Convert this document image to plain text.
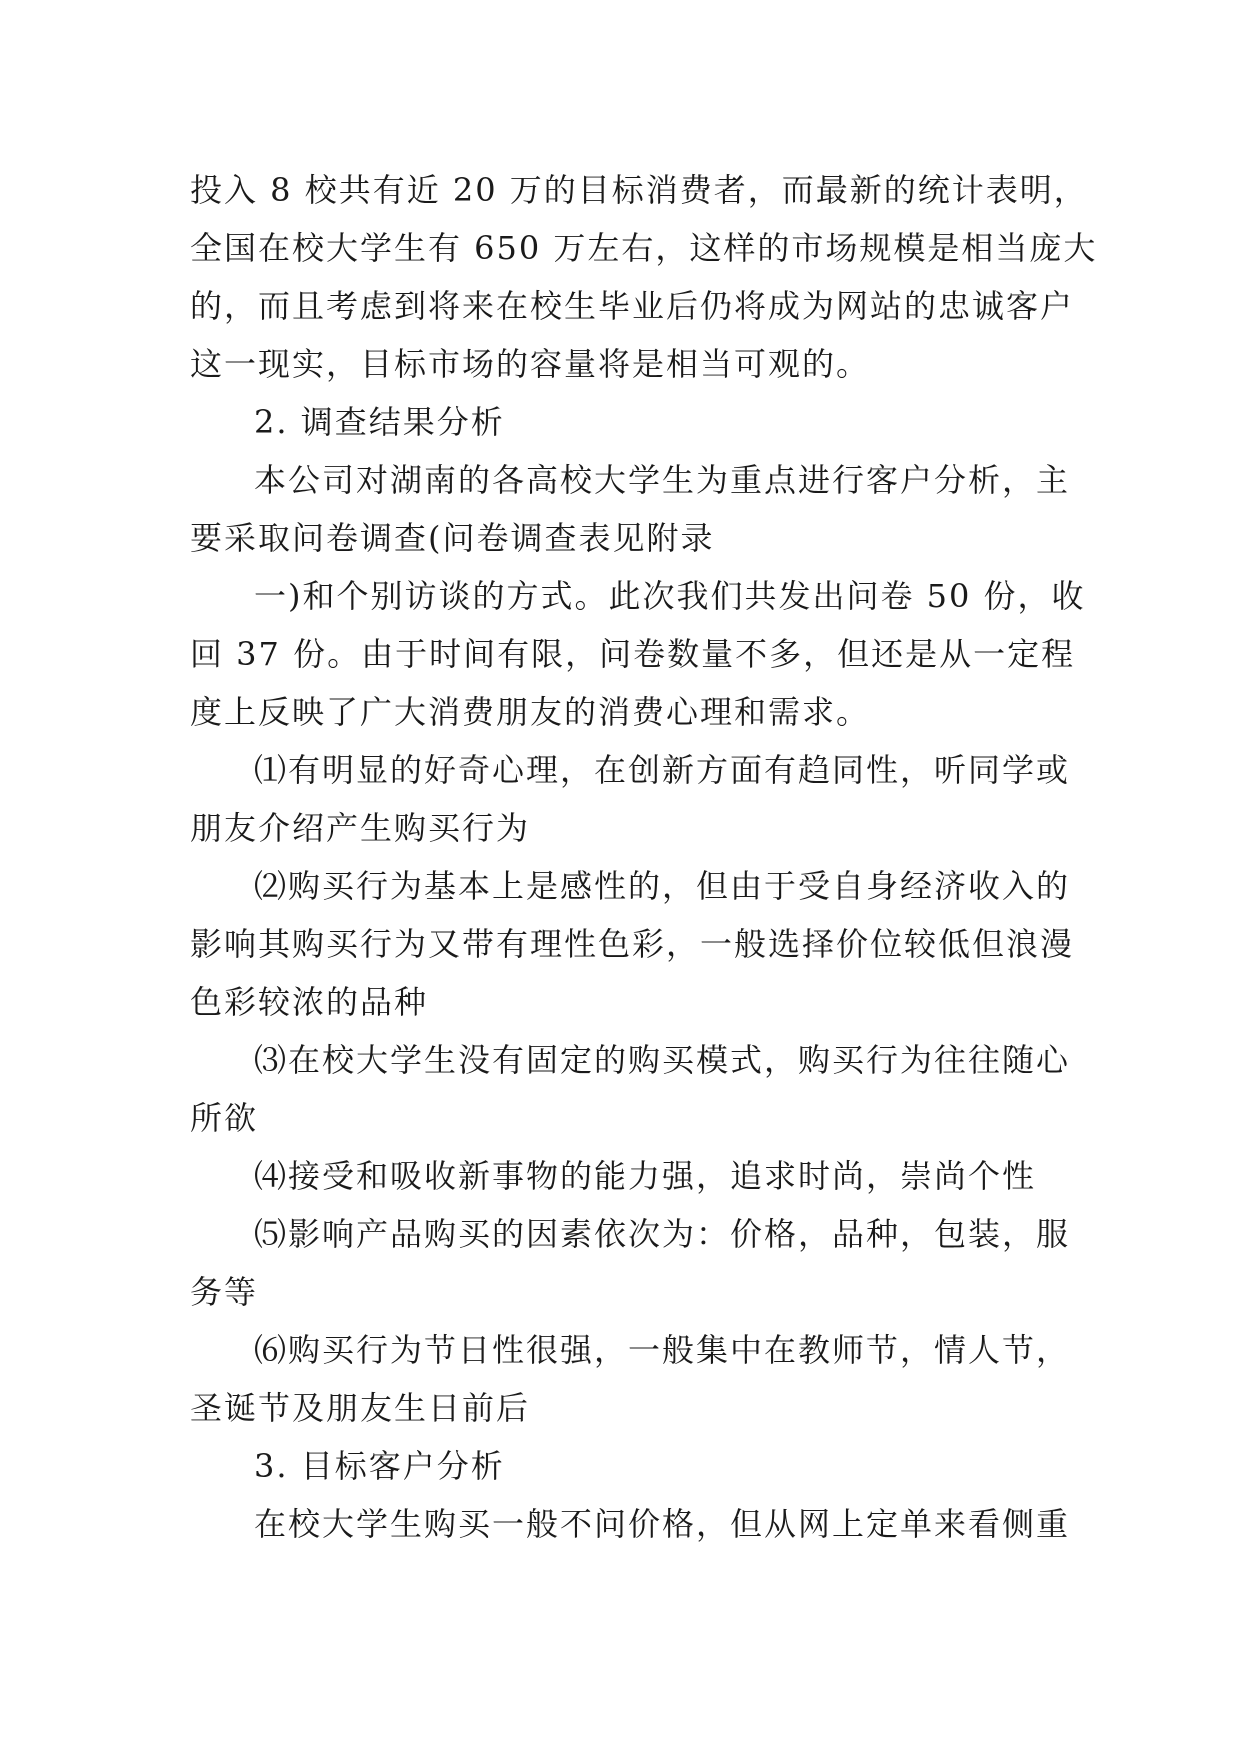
投入 8 校共有近 20 万的目标消费者，而最新的统计表明，
全国在校大学生有 650 万左右，这样的市场规模是相当庞大
的，而且考虑到将来在校生毕业后仍将成为网站的忠诚客户
这一现实，目标市场的容量将是相当可观的。
2. 调查结果分析
本公司对湖南的各高校大学生为重点进行客户分析，主
要采取问卷调查(问卷调查表见附录
一)和个别访谈的方式。此次我们共发出问卷 50 份，收
回 37 份。由于时间有限，问卷数量不多，但还是从一定程
度上反映了广大消费朋友的消费心理和需求。
⑴有明显的好奇心理，在创新方面有趋同性，听同学或
朋友介绍产生购买行为
⑵购买行为基本上是感性的，但由于受自身经济收入的
影响其购买行为又带有理性色彩，一般选择价位较低但浪漫
色彩较浓的品种
⑶在校大学生没有固定的购买模式，购买行为往往随心
所欲
⑷接受和吸收新事物的能力强，追求时尚，崇尚个性
⑸影响产品购买的因素依次为：价格，品种，包装，服
务等
⑹购买行为节日性很强，一般集中在教师节，情人节，
圣诞节及朋友生日前后
3. 目标客户分析
在校大学生购买一般不问价格，但从网上定单来看侧重
